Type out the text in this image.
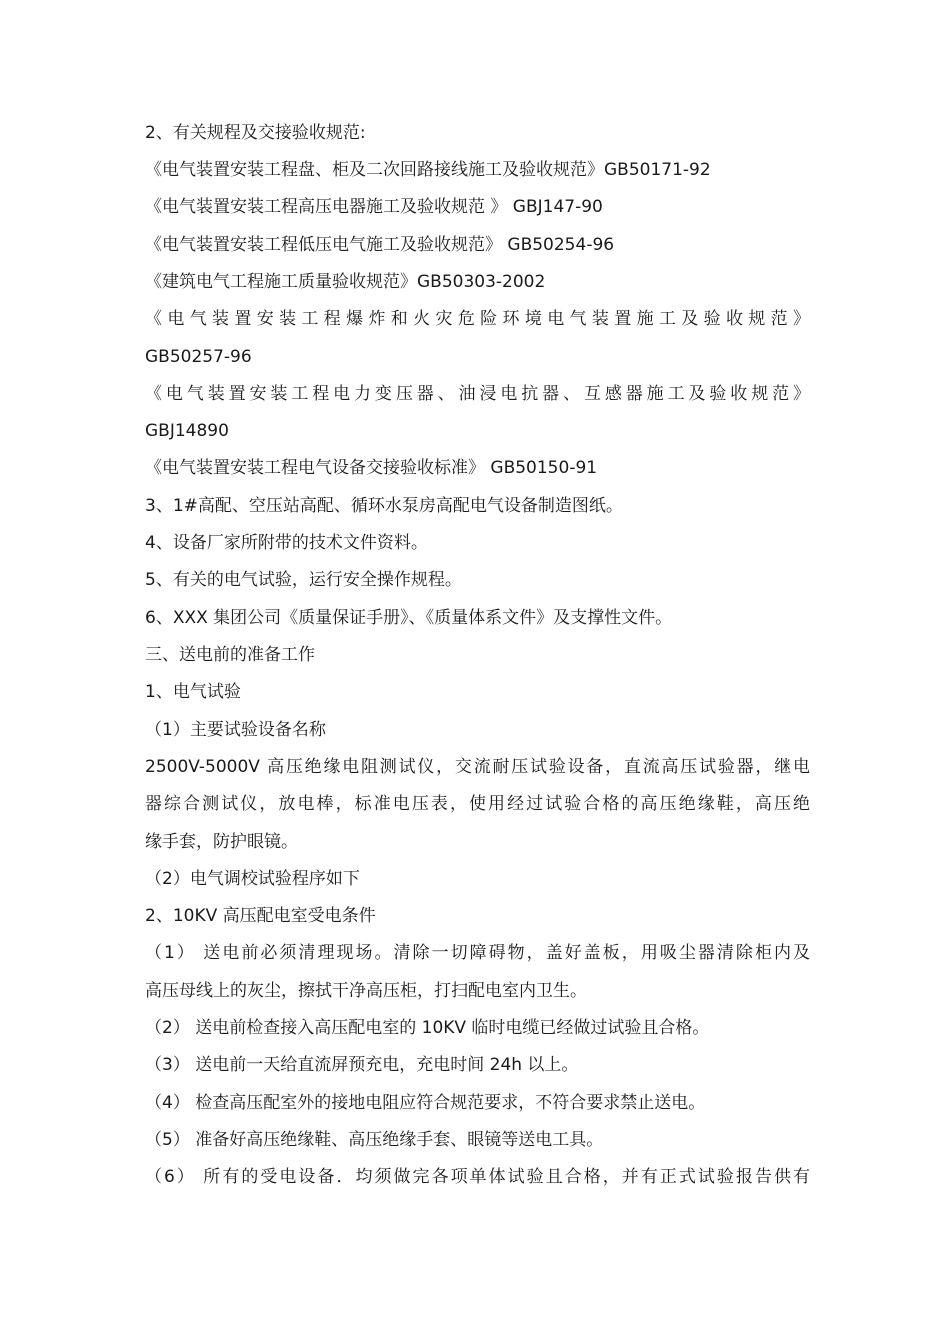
2、有关规程及交接验收规范:
《电气装置安装工程盘、柜及二次回路接线施工及验收规范》GB50171-92
《电气装置安装工程高压电器施工及验收规范 》 GBJ147-90
《电气装置安装工程低压电气施工及验收规范》 GB50254-96
《建筑电气工程施工质量验收规范》GB50303-2002
《电气装置安装工程爆炸和火灾危险环境电气装置施工及验收规范》
GB50257-96
《电气装置安装工程电力变压器、油浸电抗器、互感器施工及验收规范》
GBJ14890
《电气装置安装工程电气设备交接验收标准》 GB50150-91
3、1#高配、空压站高配、循环水泵房高配电气设备制造图纸。
4、设备厂家所附带的技术文件资料。
5、有关的电气试验，运行安全操作规程。
6、XXX 集团公司《质量保证手册》、《质量体系文件》及支撑性文件。
三、送电前的准备工作
1、电气试验
（1）主要试验设备名称
2500V-5000V 高压绝缘电阻测试仪，交流耐压试验设备，直流高压试验器，继电
器综合测试仪，放电棒，标准电压表，使用经过试验合格的高压绝缘鞋，高压绝
缘手套，防护眼镜。
（2）电气调校试验程序如下
2、10KV 高压配电室受电条件
（1） 送电前必须清理现场。清除一切障碍物，盖好盖板，用吸尘器清除柜内及
高压母线上的灰尘，擦拭干净高压柜，打扫配电室内卫生。
（2） 送电前检查接入高压配电室的 10KV 临时电缆已经做过试验且合格。
（3） 送电前一天给直流屏预充电，充电时间 24h 以上。
（4） 检查高压配室外的接地电阻应符合规范要求，不符合要求禁止送电。
（5） 准备好高压绝缘鞋、高压绝缘手套、眼镜等送电工具。
（6） 所有的受电设备．均须做完各项单体试验且合格，并有正式试验报告供有
